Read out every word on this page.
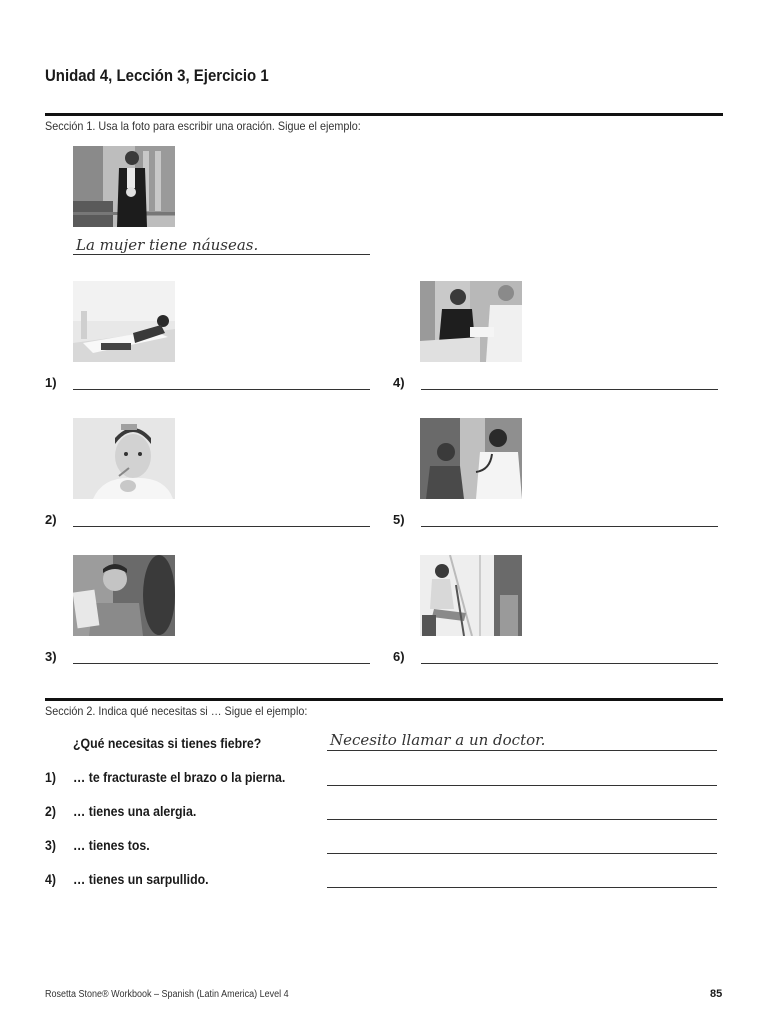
Unidad 4, Lección 3, Ejercicio 1
Sección 1. Usa la foto para escribir una oración. Sigue el ejemplo:
La mujer tiene náuseas.
1)	4)
2)	5)
3)	6)
Sección 2. Indica qué necesitas si … Sigue el ejemplo:
¿Qué necesitas si tienes fiebre?	Necesito llamar a un doctor.
1) … te fracturaste el brazo o la pierna.
2) … tienes una alergia.
3) … tienes tos.
4) … tienes un sarpullido.
Rosetta Stone® Workbook – Spanish (Latin America) Level 4	85
